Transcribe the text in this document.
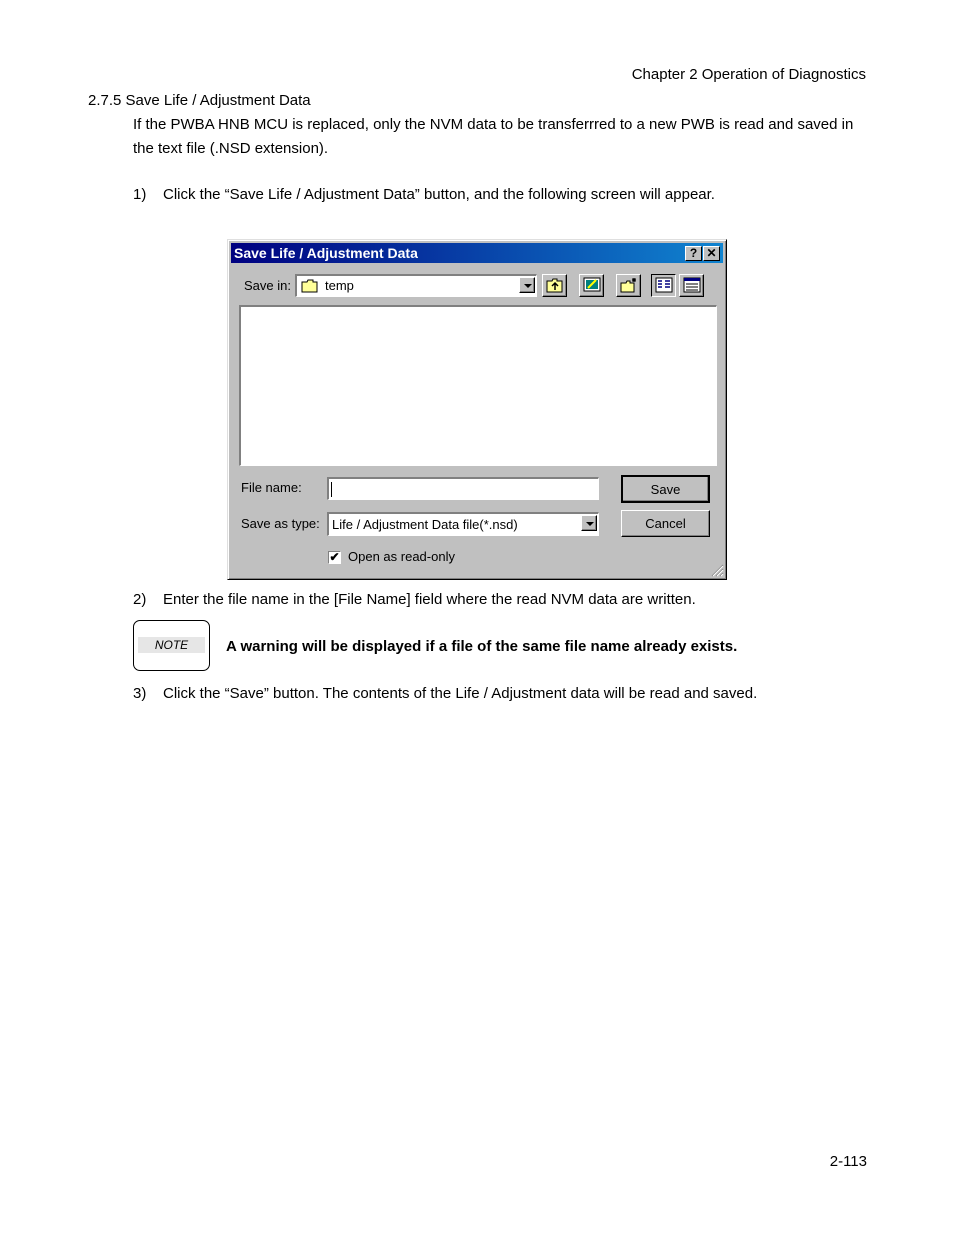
Chapter 2 Operation of Diagnostics
2.7.5 Save Life / Adjustment Data
If the PWBA HNB MCU is replaced, only the NVM data to be transferrred to a new PWB is read and saved in the text file (.NSD extension).
1) Click the “Save Life / Adjustment Data” button, and the following screen will appear.
Save Life / Adjustment Data	? ✕
Save in:	temp
File name:	Save
Save as type: Life / Adjustment Data file(*.nsd)	Cancel
✔ Open as read-only
2) Enter the file name in the [File Name] field where the read NVM data are written.
NOTE	A warning will be displayed if a file of the same file name already exists.
3) Click the “Save” button. The contents of the Life / Adjustment data will be read and saved.
2-113
